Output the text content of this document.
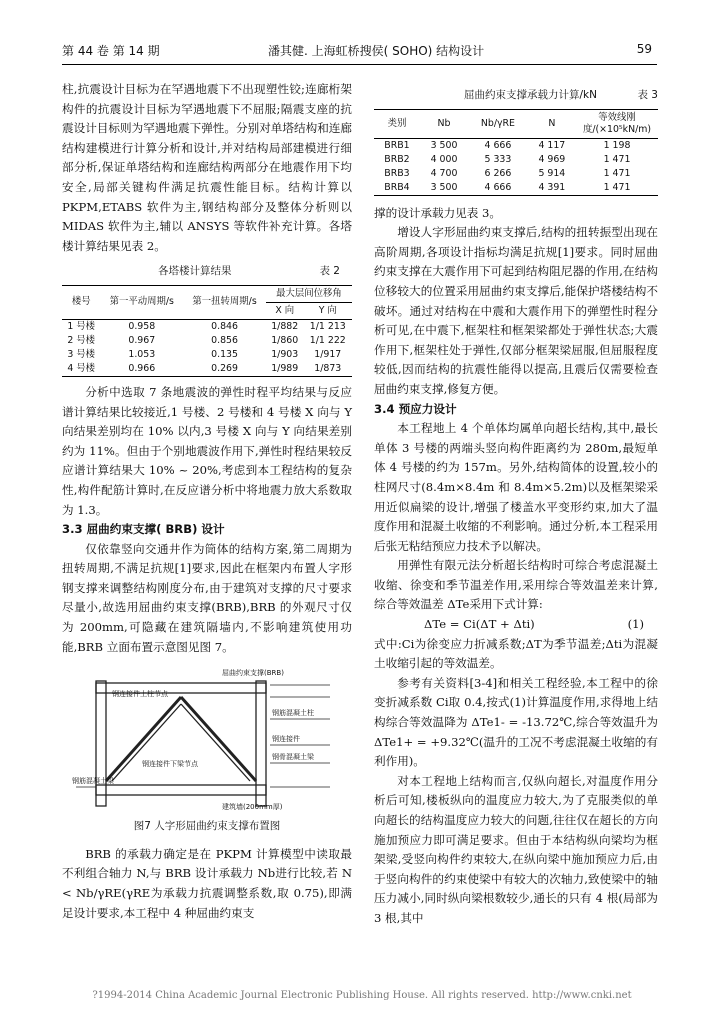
第 44 卷 第 14 期	潘其健. 上海虹桥搜侯( SOHO) 结构设计	59

柱,抗震设计目标为在罕遇地震下不出现塑性铰;连廊桁架构件的抗震设计目标为罕遇地震下不屈服;隔震支座的抗震设计目标则为罕遇地震下弹性。分别对单塔结构和连廊结构建模进行计算分析和设计,并对结构局部建模进行细部分析,保证单塔结构和连廊结构两部分在地震作用下均安全,局部关键构件满足抗震性能目标。结构计算以 PKPM,ETABS 软件为主,钢结构部分及整体分析则以 MIDAS 软件为主,辅以 ANSYS 等软件补充计算。各塔楼计算结果见表 2。

各塔楼计算结果	表 2
楼号	第一平动周期/s	第一扭转周期/s	最大层间位移角	
			X 向	Y 向
1 号楼	0.958	0.846	1/882	1/1 213
2 号楼	0.967	0.856	1/860	1/1 222
3 号楼	1.053	0.135	1/903	1/917
4 号楼	0.966	0.269	1/989	1/873

分析中选取 7 条地震波的弹性时程平均结果与反应谱计算结果比较接近,1 号楼、2 号楼和 4 号楼 X 向与 Y 向结果差别均在 10% 以内,3 号楼 X 向与 Y 向结果差别约为 11%。但由于个别地震波作用下,弹性时程结果较反应谱计算结果大 10% ~ 20%,考虑到本工程结构的复杂性,构件配筋计算时,在反应谱分析中将地震力放大系数取为 1.3。

3.3 屈曲约束支撑( BRB) 设计

仅依靠竖向交通井作为筒体的结构方案,第二周期为扭转周期,不满足抗规[1]要求,因此在框架内布置人字形钢支撑来调整结构刚度分布,由于建筑对支撑的尺寸要求尽量小,故选用屈曲约束支撑(BRB),BRB 的外观尺寸仅为 200mm,可隐藏在建筑隔墙内,不影响建筑使用功能,BRB 立面布置示意图见图 7。

屈曲约束支撑(BRB)
钢连接件上柱节点
钢筋混凝土柱
钢连接件
钢骨混凝土梁
钢连接件下梁节点
钢筋混凝土梁
建筑墙(200mm厚)
图7 人字形屈曲约束支撑布置图

BRB 的承载力确定是在 PKPM 计算模型中读取最不利组合轴力 N,与 BRB 设计承载力 Nb进行比较,若 N < Nb/γRE(γRE为承载力抗震调整系数,取 0.75),即满足设计要求,本工程中 4 种屈曲约束支

屈曲约束支撑承载力计算/kN	表 3
类别	Nb	Nb/γRE	N	等效线刚度/(×10⁵kN/m)
BRB1	3 500	4 666	4 117	1 198
BRB2	4 000	5 333	4 969	1 471
BRB3	4 700	6 266	5 914	1 471
BRB4	3 500	4 666	4 391	1 471

撑的设计承载力见表 3。

增设人字形屈曲约束支撑后,结构的扭转振型出现在高阶周期,各项设计指标均满足抗规[1]要求。同时屈曲约束支撑在大震作用下可起到结构阻尼器的作用,在结构位移较大的位置采用屈曲约束支撑后,能保护塔楼结构不破坏。通过对结构在中震和大震作用下的弹塑性时程分析可见,在中震下,框架柱和框架梁都处于弹性状态;大震作用下,框架柱处于弹性,仅部分框架梁屈服,但屈服程度较低,因而结构的抗震性能得以提高,且震后仅需要检查屈曲约束支撑,修复方便。

3.4 预应力设计

本工程地上 4 个单体均属单向超长结构,其中,最长单体 3 号楼的两端头竖向构件距离约为 280m,最短单体 4 号楼的约为 157m。另外,结构简体的设置,较小的柱网尺寸(8.4m×8.4m 和 8.4m×5.2m)以及框架梁采用近似扁梁的设计,增强了楼盖水平变形约束,加大了温度作用和混凝土收缩的不利影响。通过分析,本工程采用后张无粘结预应力技术予以解决。

用弹性有限元法分析超长结构时可综合考虑混凝土收缩、徐变和季节温差作用,采用综合等效温差来计算,综合等效温差 ΔTe采用下式计算:

ΔTe = Ci(ΔT + Δti)	(1)

式中:Ci为徐变应力折减系数;ΔT为季节温差;Δti为混凝土收缩引起的等效温差。

参考有关资料[3-4]和相关工程经验,本工程中的徐变折减系数 Ci取 0.4,按式(1)计算温度作用,求得地上结构综合等效温降为 ΔTe1- = -13.72℃,综合等效温升为 ΔTe1+ = +9.32℃(温升的工况不考虑混凝土收缩的有利作用)。

对本工程地上结构而言,仅纵向超长,对温度作用分析后可知,楼板纵向的温度应力较大,为了克服类似的单向超长的结构温度应力较大的问题,往往仅在超长的方向施加预应力即可满足要求。但由于本结构纵向梁均为框架梁,受竖向构件约束较大,在纵向梁中施加预应力后,由于竖向构件的约束使梁中有较大的次轴力,致使梁中的轴压力减小,同时纵向梁根数较少,通长的只有 4 根(局部为 3 根,其中

?1994-2014 China Academic Journal Electronic Publishing House. All rights reserved. http://www.cnki.net
